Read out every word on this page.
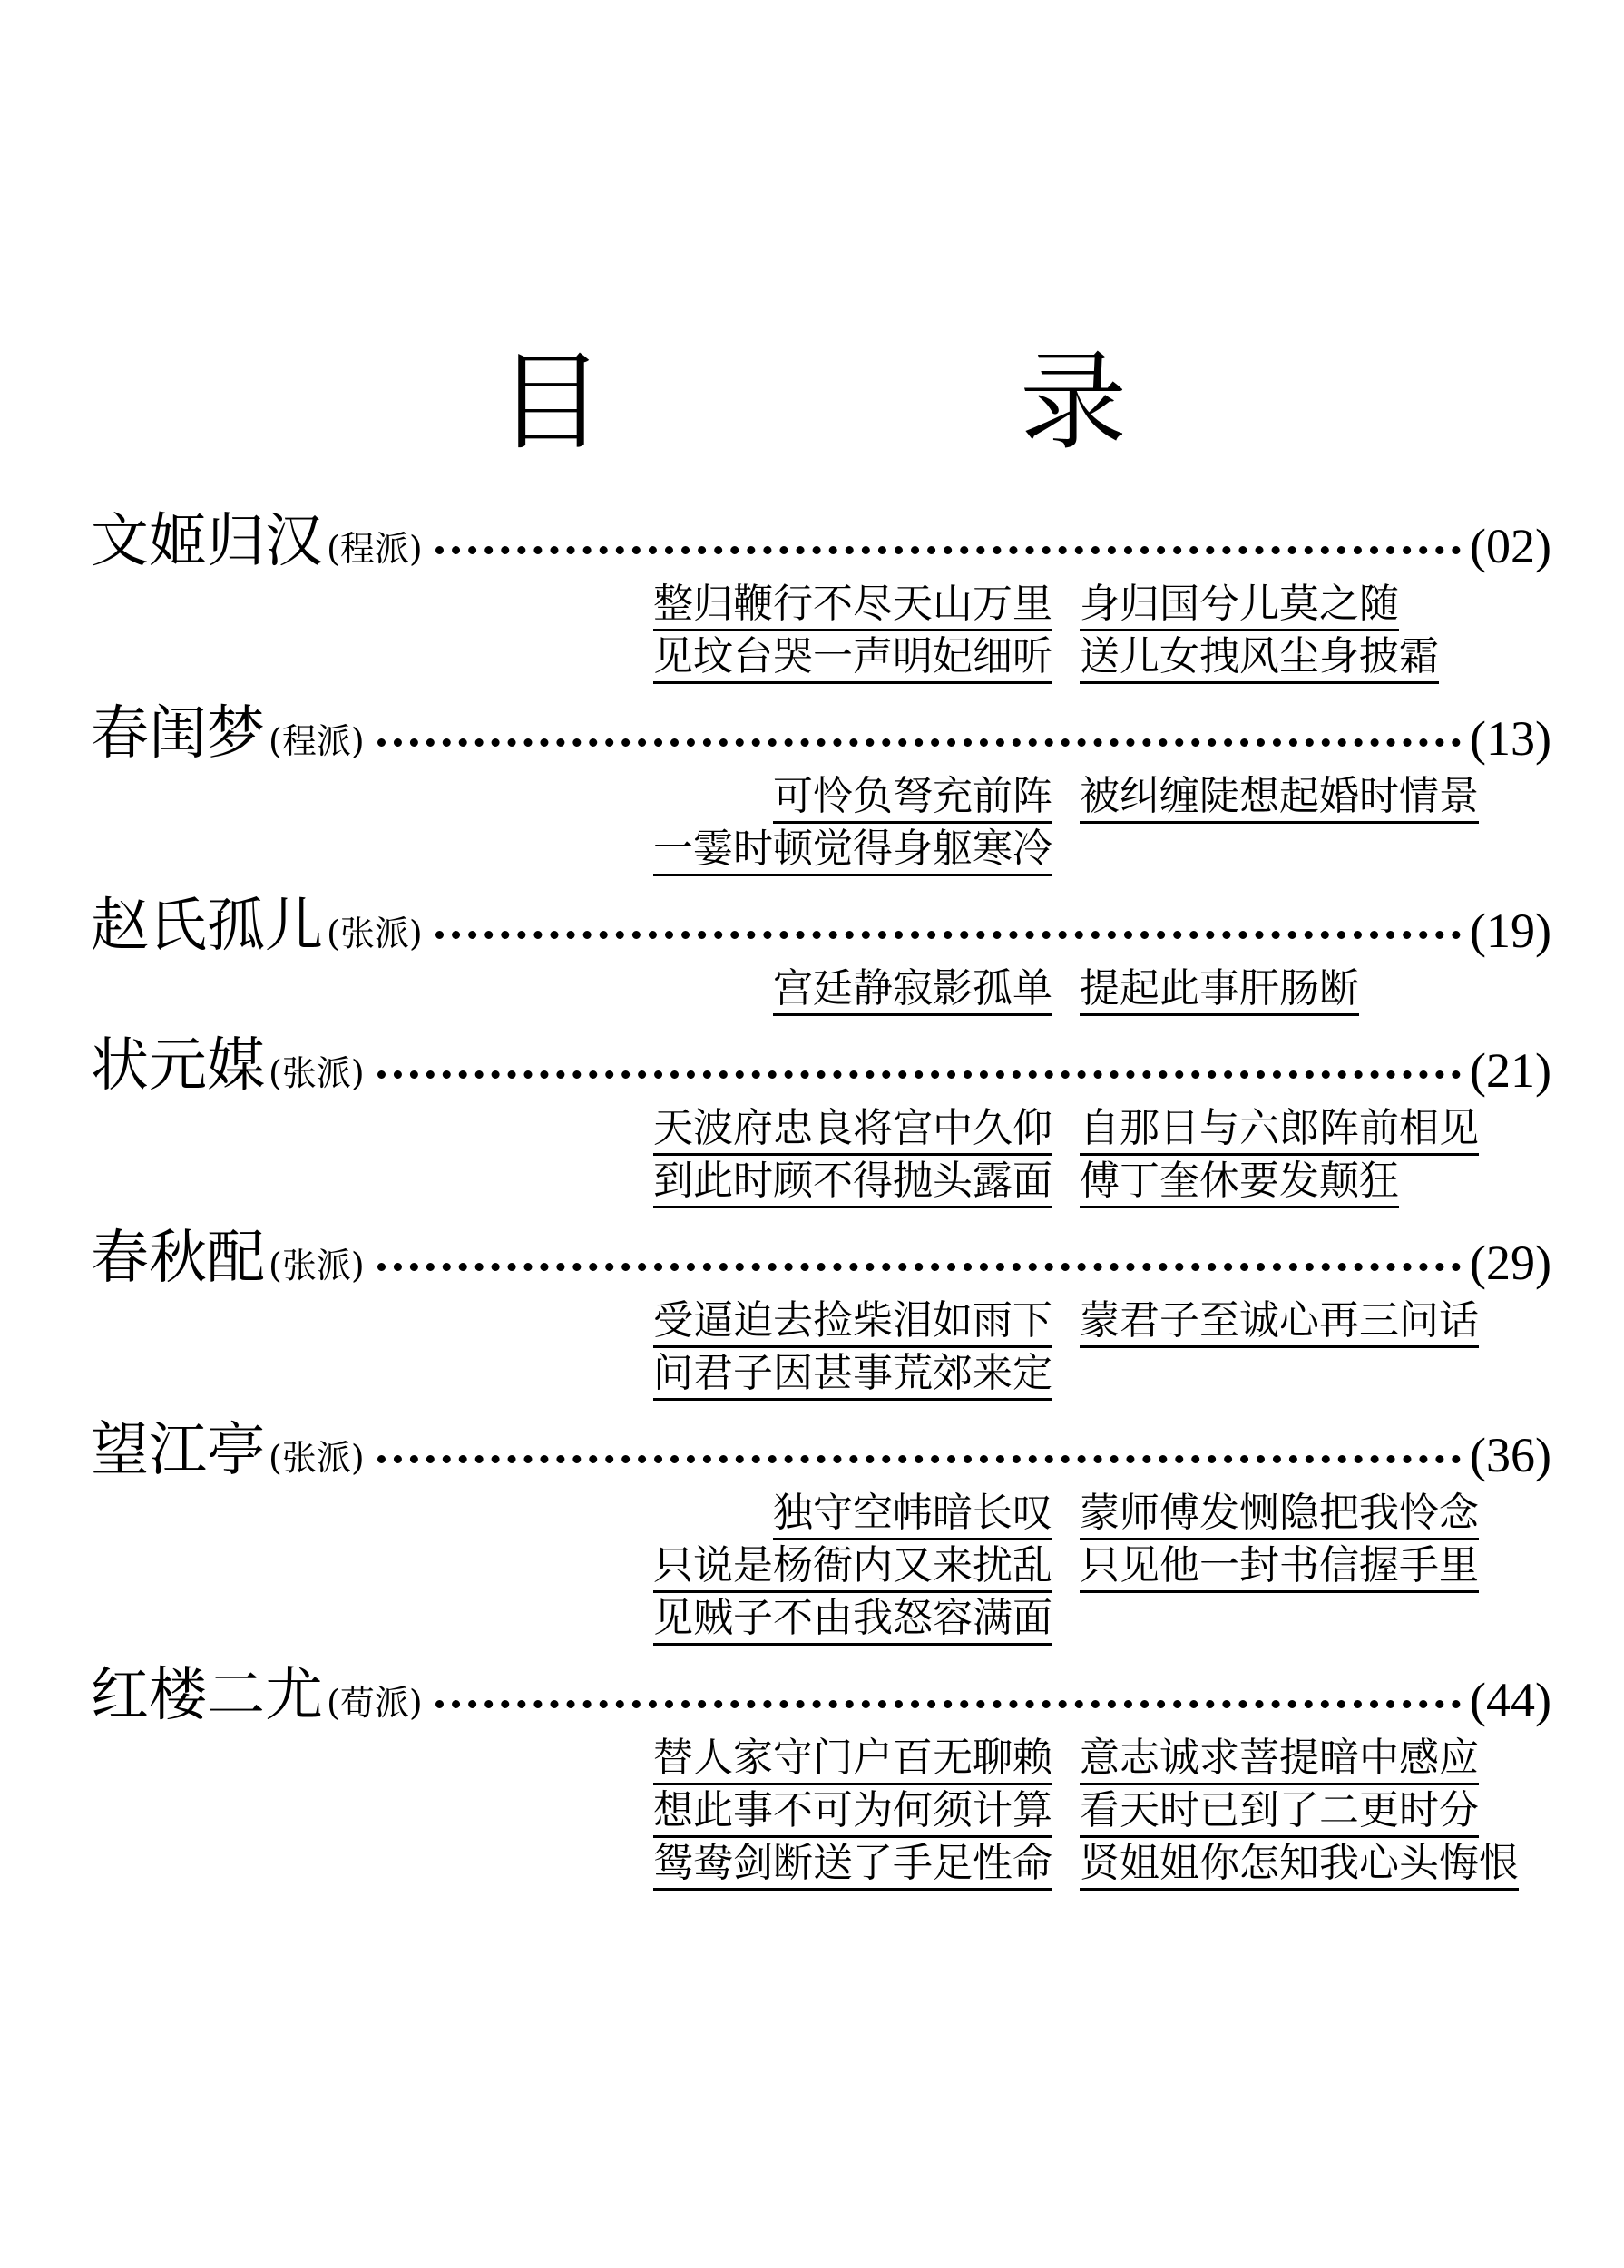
目　录
文姬归汉 ( 程派 )	( 02 )
整归鞭行不尽天山万里 身归国兮儿莫之随
见坟台哭一声明妃细听 送儿女拽风尘身披霜
春闺梦 ( 程派 )	( 13 )
可怜负弩充前阵 被纠缠陡想起婚时情景
一霎时顿觉得身躯寒冷
赵氏孤儿 ( 张派 )	( 19 )
宫廷静寂影孤单 提起此事肝肠断
状元媒 ( 张派 )	( 21 )
天波府忠良将宫中久仰 自那日与六郎阵前相见
到此时顾不得抛头露面 傅丁奎休要发颠狂
春秋配 ( 张派 )	( 29 )
受逼迫去捡柴泪如雨下 蒙君子至诚心再三问话
问君子因甚事荒郊来定
望江亭 ( 张派 )	( 36 )
独守空帏暗长叹 蒙师傅发恻隐把我怜念
只说是杨衙内又来扰乱 只见他一封书信握手里
见贼子不由我怒容满面
红楼二尤 ( 荀派 )	( 44 )
替人家守门户百无聊赖 意志诚求菩提暗中感应
想此事不可为何须计算 看天时已到了二更时分
鸳鸯剑断送了手足性命 贤姐姐你怎知我心头悔恨
